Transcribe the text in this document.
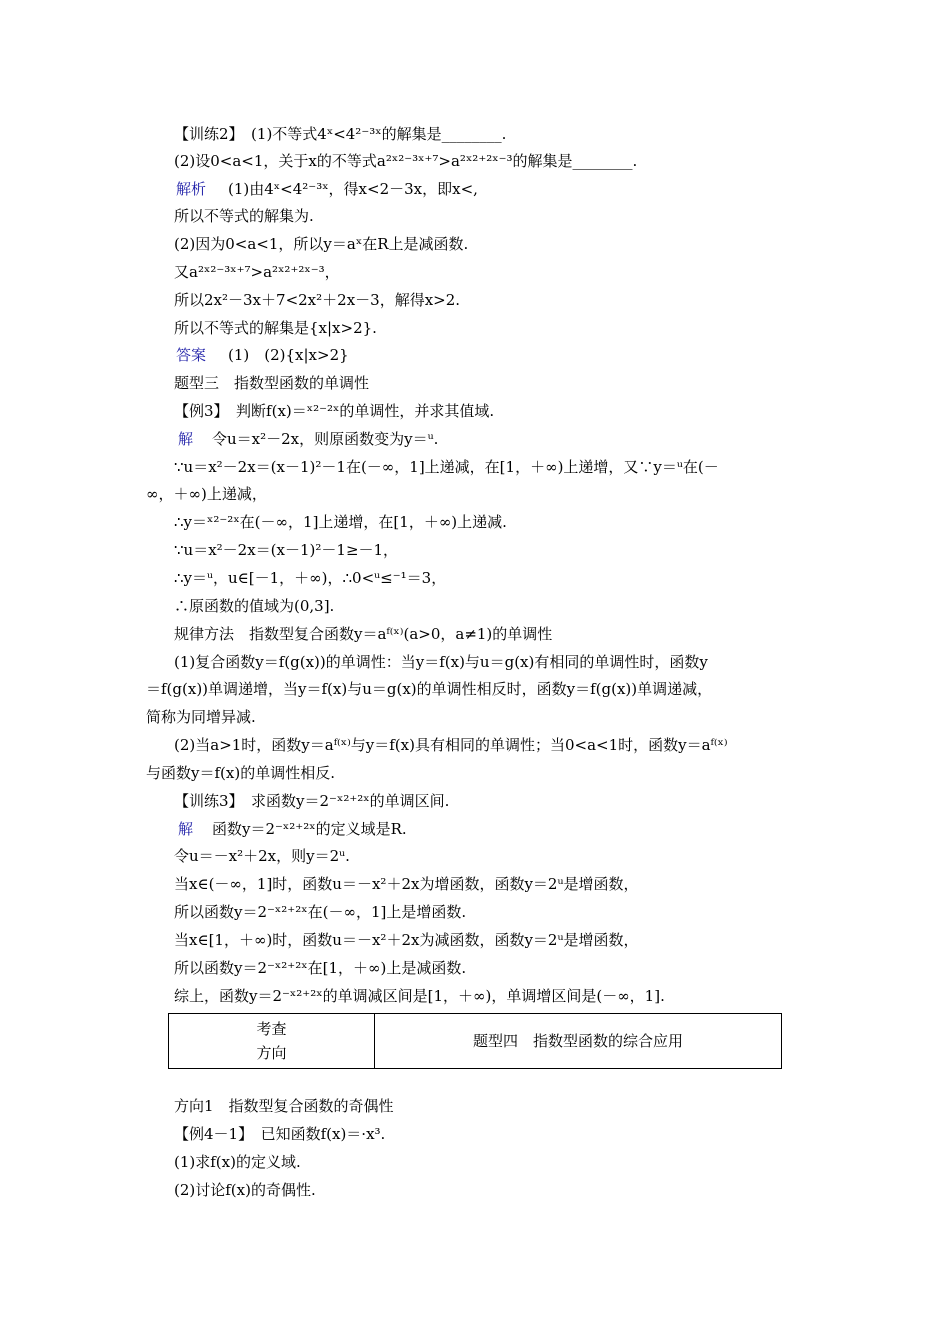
【训练2】　(1)不等式4ˣ<4²⁻³ˣ的解集是________.
(2)设0<a<1，关于x的不等式a²ˣ²⁻³ˣ⁺⁷>a²ˣ²⁺²ˣ⁻³的解集是________.
解析 (1)由4ˣ<4²⁻³ˣ，得x<2－3x，即x<,
所以不等式的解集为.
(2)因为0<a<1，所以y＝aˣ在R上是减函数.
又a²ˣ²⁻³ˣ⁺⁷>a²ˣ²⁺²ˣ⁻³，
所以2x²－3x＋7<2x²＋2x－3，解得x>2.
所以不等式的解集是{x|x>2}.
答案 (1)　(2){x|x>2}
题型三　指数型函数的单调性
【例3】　判断f(x)＝ˣ²⁻²ˣ的单调性，并求其值域.
解 令u＝x²－2x，则原函数变为y＝ᵘ.
∵u＝x²－2x＝(x－1)²－1在(－∞，1]上递减，在[1，＋∞)上递增，又∵y＝ᵘ在(－
∞，＋∞)上递减，
∴y＝ˣ²⁻²ˣ在(－∞，1]上递增，在[1，＋∞)上递减.
∵u＝x²－2x＝(x－1)²－1≥－1，
∴y＝ᵘ，u∈[－1，＋∞)，∴0<ᵘ≤⁻¹＝3，
∴原函数的值域为(0,3].
规律方法　指数型复合函数y＝aᶠ⁽ˣ⁾(a>0，a≠1)的单调性
(1)复合函数y＝f(g(x))的单调性：当y＝f(x)与u＝g(x)有相同的单调性时，函数y
＝f(g(x))单调递增，当y＝f(x)与u＝g(x)的单调性相反时，函数y＝f(g(x))单调递减，
简称为同增异减.
(2)当a>1时，函数y＝aᶠ⁽ˣ⁾与y＝f(x)具有相同的单调性；当0<a<1时，函数y＝aᶠ⁽ˣ⁾
与函数y＝f(x)的单调性相反.
【训练3】　求函数y＝2⁻ˣ²⁺²ˣ的单调区间.
解 函数y＝2⁻ˣ²⁺²ˣ的定义域是R.
令u＝－x²＋2x，则y＝2ᵘ.
当x∈(－∞，1]时，函数u＝－x²＋2x为增函数，函数y＝2ᵘ是增函数，
所以函数y＝2⁻ˣ²⁺²ˣ在(－∞，1]上是增函数.
当x∈[1，＋∞)时，函数u＝－x²＋2x为减函数，函数y＝2ᵘ是增函数，
所以函数y＝2⁻ˣ²⁺²ˣ在[1，＋∞)上是减函数.
综上，函数y＝2⁻ˣ²⁺²ˣ的单调减区间是[1，＋∞)，单调增区间是(－∞，1].
考查
方向
题型四　指数型函数的综合应用
方向1　指数型复合函数的奇偶性
【例4－1】　已知函数f(x)＝·x³.
(1)求f(x)的定义域.
(2)讨论f(x)的奇偶性.
